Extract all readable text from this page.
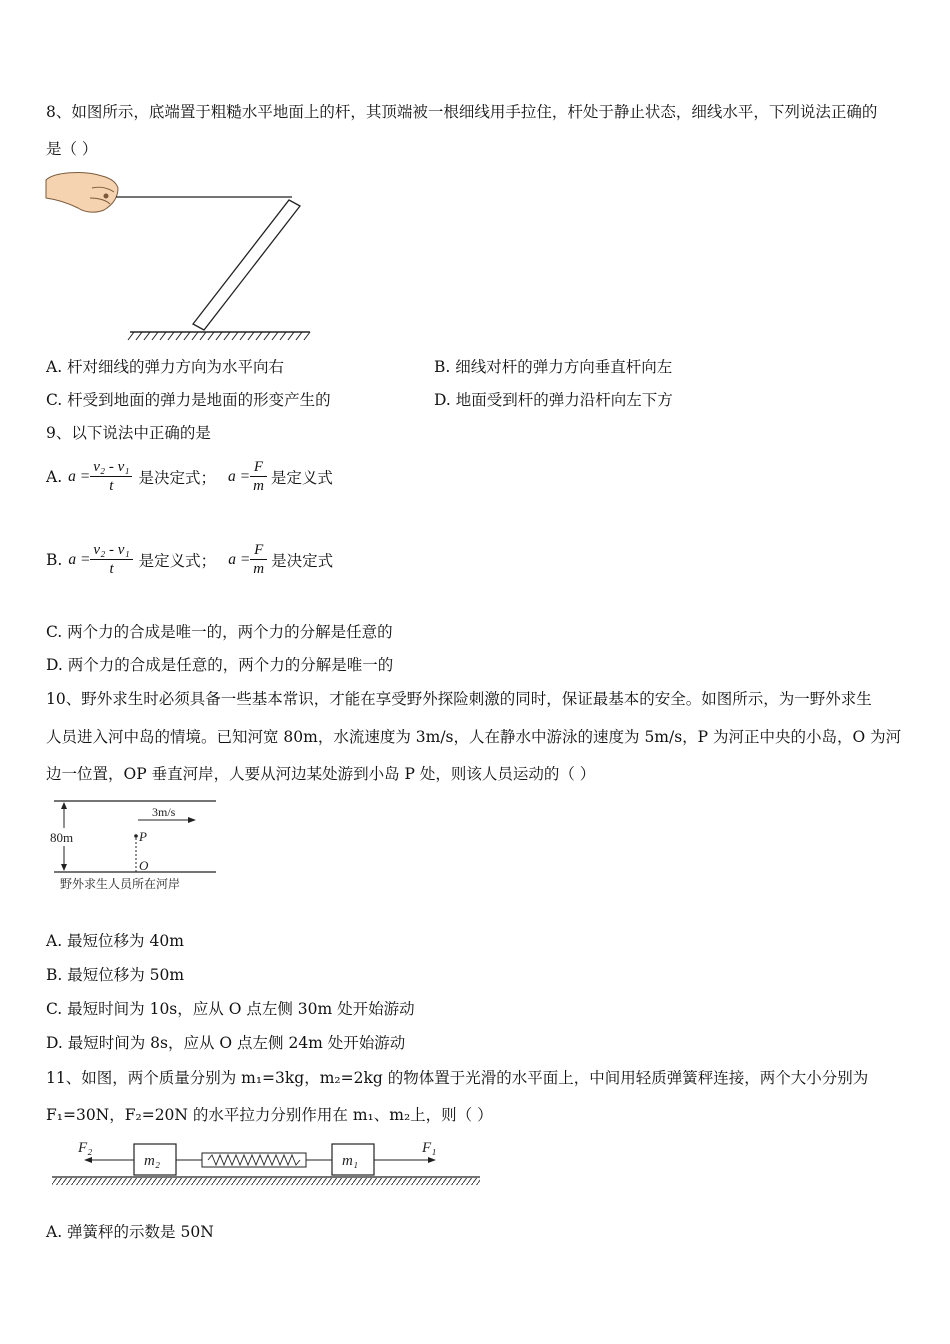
8、如图所示，底端置于粗糙水平地面上的杆，其顶端被一根细线用手拉住，杆处于静止状态，细线水平，下列说法正确的
是（ ）
A. 杆对细线的弹力方向为水平向右	B. 细线对杆的弹力方向垂直杆向左
C. 杆受到地面的弹力是地面的形变产生的	D. 地面受到杆的弹力沿杆向左下方
9、以下说法中正确的是
A. $a = \frac{\text{v₂ - v₁}}{t}$ 是决定式； $a = \frac{F}{m}$ 是定义式
B. $a = \frac{\text{v₂ - v₁}}{t}$ 是定义式； $a = \frac{F}{m}$ 是决定式
C. 两个力的合成是唯一的，两个力的分解是任意的
D. 两个力的合成是任意的，两个力的分解是唯一的
10、野外求生时必须具备一些基本常识，才能在享受野外探险刺激的同时，保证最基本的安全。如图所示，为一野外求生
人员进入河中岛的情境。已知河宽 80m，水流速度为 3m/s，人在静水中游泳的速度为 5m/s，P 为河正中央的小岛，O 为河
边一位置，OP 垂直河岸，人要从河边某处游到小岛 P 处，则该人员运动的（ ）
80m
3m/s
P
O
野外求生人员所在河岸
A. 最短位移为 40m
B. 最短位移为 50m
C. 最短时间为 10s，应从 O 点左侧 30m 处开始游动
D. 最短时间为 8s，应从 O 点左侧 24m 处开始游动
11、如图，两个质量分别为 m₁=3kg，m₂=2kg 的物体置于光滑的水平面上，中间用轻质弹簧秤连接，两个大小分别为
F₁=30N，F₂=20N 的水平拉力分别作用在 m₁、m₂上，则（ ）
F₂
m₂	m₁
F₁
A. 弹簧秤的示数是 50N
